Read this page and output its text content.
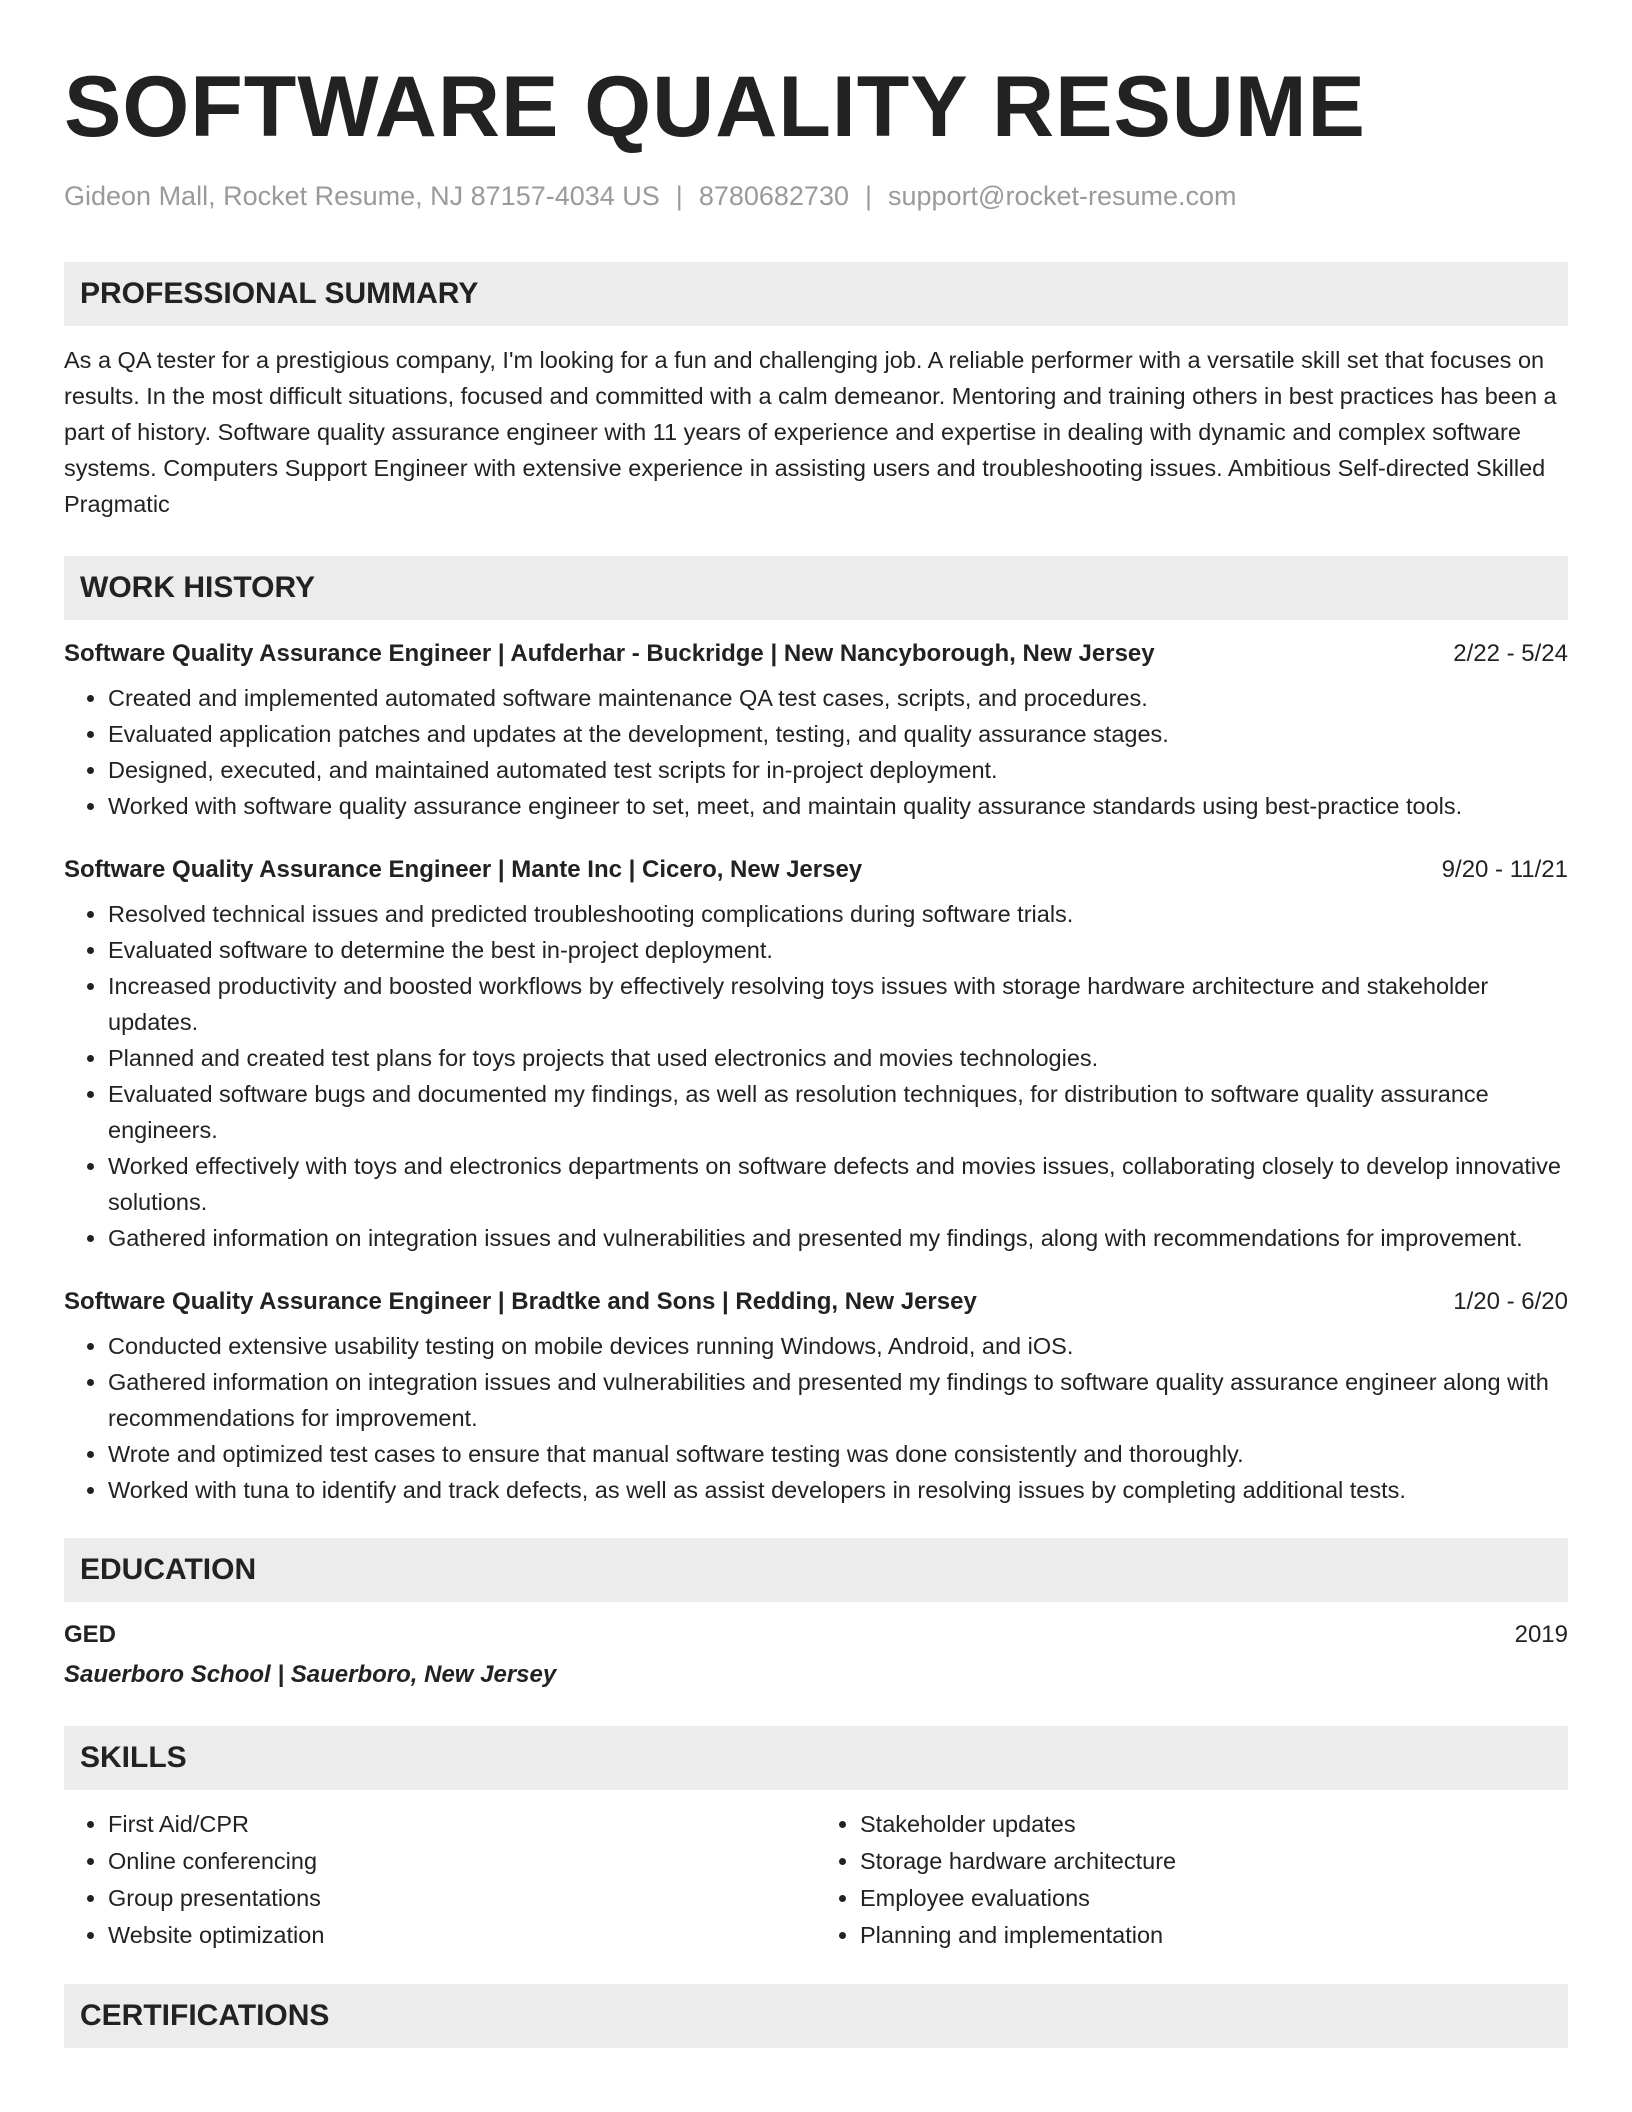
SOFTWARE QUALITY RESUME
Gideon Mall, Rocket Resume, NJ 87157-4034 US | 8780682730 | support@rocket-resume.com
PROFESSIONAL SUMMARY

As a QA tester for a prestigious company, I'm looking for a fun and challenging job. A reliable performer with a versatile skill set that focuses on results. In the most difficult situations, focused and committed with a calm demeanor. Mentoring and training others in best practices has been a part of history. Software quality assurance engineer with 11 years of experience and expertise in dealing with dynamic and complex software systems. Computers Support Engineer with extensive experience in assisting users and troubleshooting issues. Ambitious Self-directed Skilled Pragmatic

WORK HISTORY
Software Quality Assurance Engineer | Aufderhar - Buckridge | New Nancyborough, New Jersey	2/22 - 5/24
• Created and implemented automated software maintenance QA test cases, scripts, and procedures.
• Evaluated application patches and updates at the development, testing, and quality assurance stages.
• Designed, executed, and maintained automated test scripts for in-project deployment.
• Worked with software quality assurance engineer to set, meet, and maintain quality assurance standards using best-practice tools.
Software Quality Assurance Engineer | Mante Inc | Cicero, New Jersey	9/20 - 11/21
• Resolved technical issues and predicted troubleshooting complications during software trials.
• Evaluated software to determine the best in-project deployment.
• Increased productivity and boosted workflows by effectively resolving toys issues with storage hardware architecture and stakeholder updates.
• Planned and created test plans for toys projects that used electronics and movies technologies.
• Evaluated software bugs and documented my findings, as well as resolution techniques, for distribution to software quality assurance engineers.
• Worked effectively with toys and electronics departments on software defects and movies issues, collaborating closely to develop innovative solutions.
• Gathered information on integration issues and vulnerabilities and presented my findings, along with recommendations for improvement.
Software Quality Assurance Engineer | Bradtke and Sons | Redding, New Jersey	1/20 - 6/20
• Conducted extensive usability testing on mobile devices running Windows, Android, and iOS.
• Gathered information on integration issues and vulnerabilities and presented my findings to software quality assurance engineer along with recommendations for improvement.
• Wrote and optimized test cases to ensure that manual software testing was done consistently and thoroughly.
• Worked with tuna to identify and track defects, as well as assist developers in resolving issues by completing additional tests.
EDUCATION
GED	2019
Sauerboro School | Sauerboro, New Jersey
SKILLS
• First Aid/CPR
• Online conferencing
• Group presentations
• Website optimization
• Stakeholder updates
• Storage hardware architecture
• Employee evaluations
• Planning and implementation
CERTIFICATIONS
